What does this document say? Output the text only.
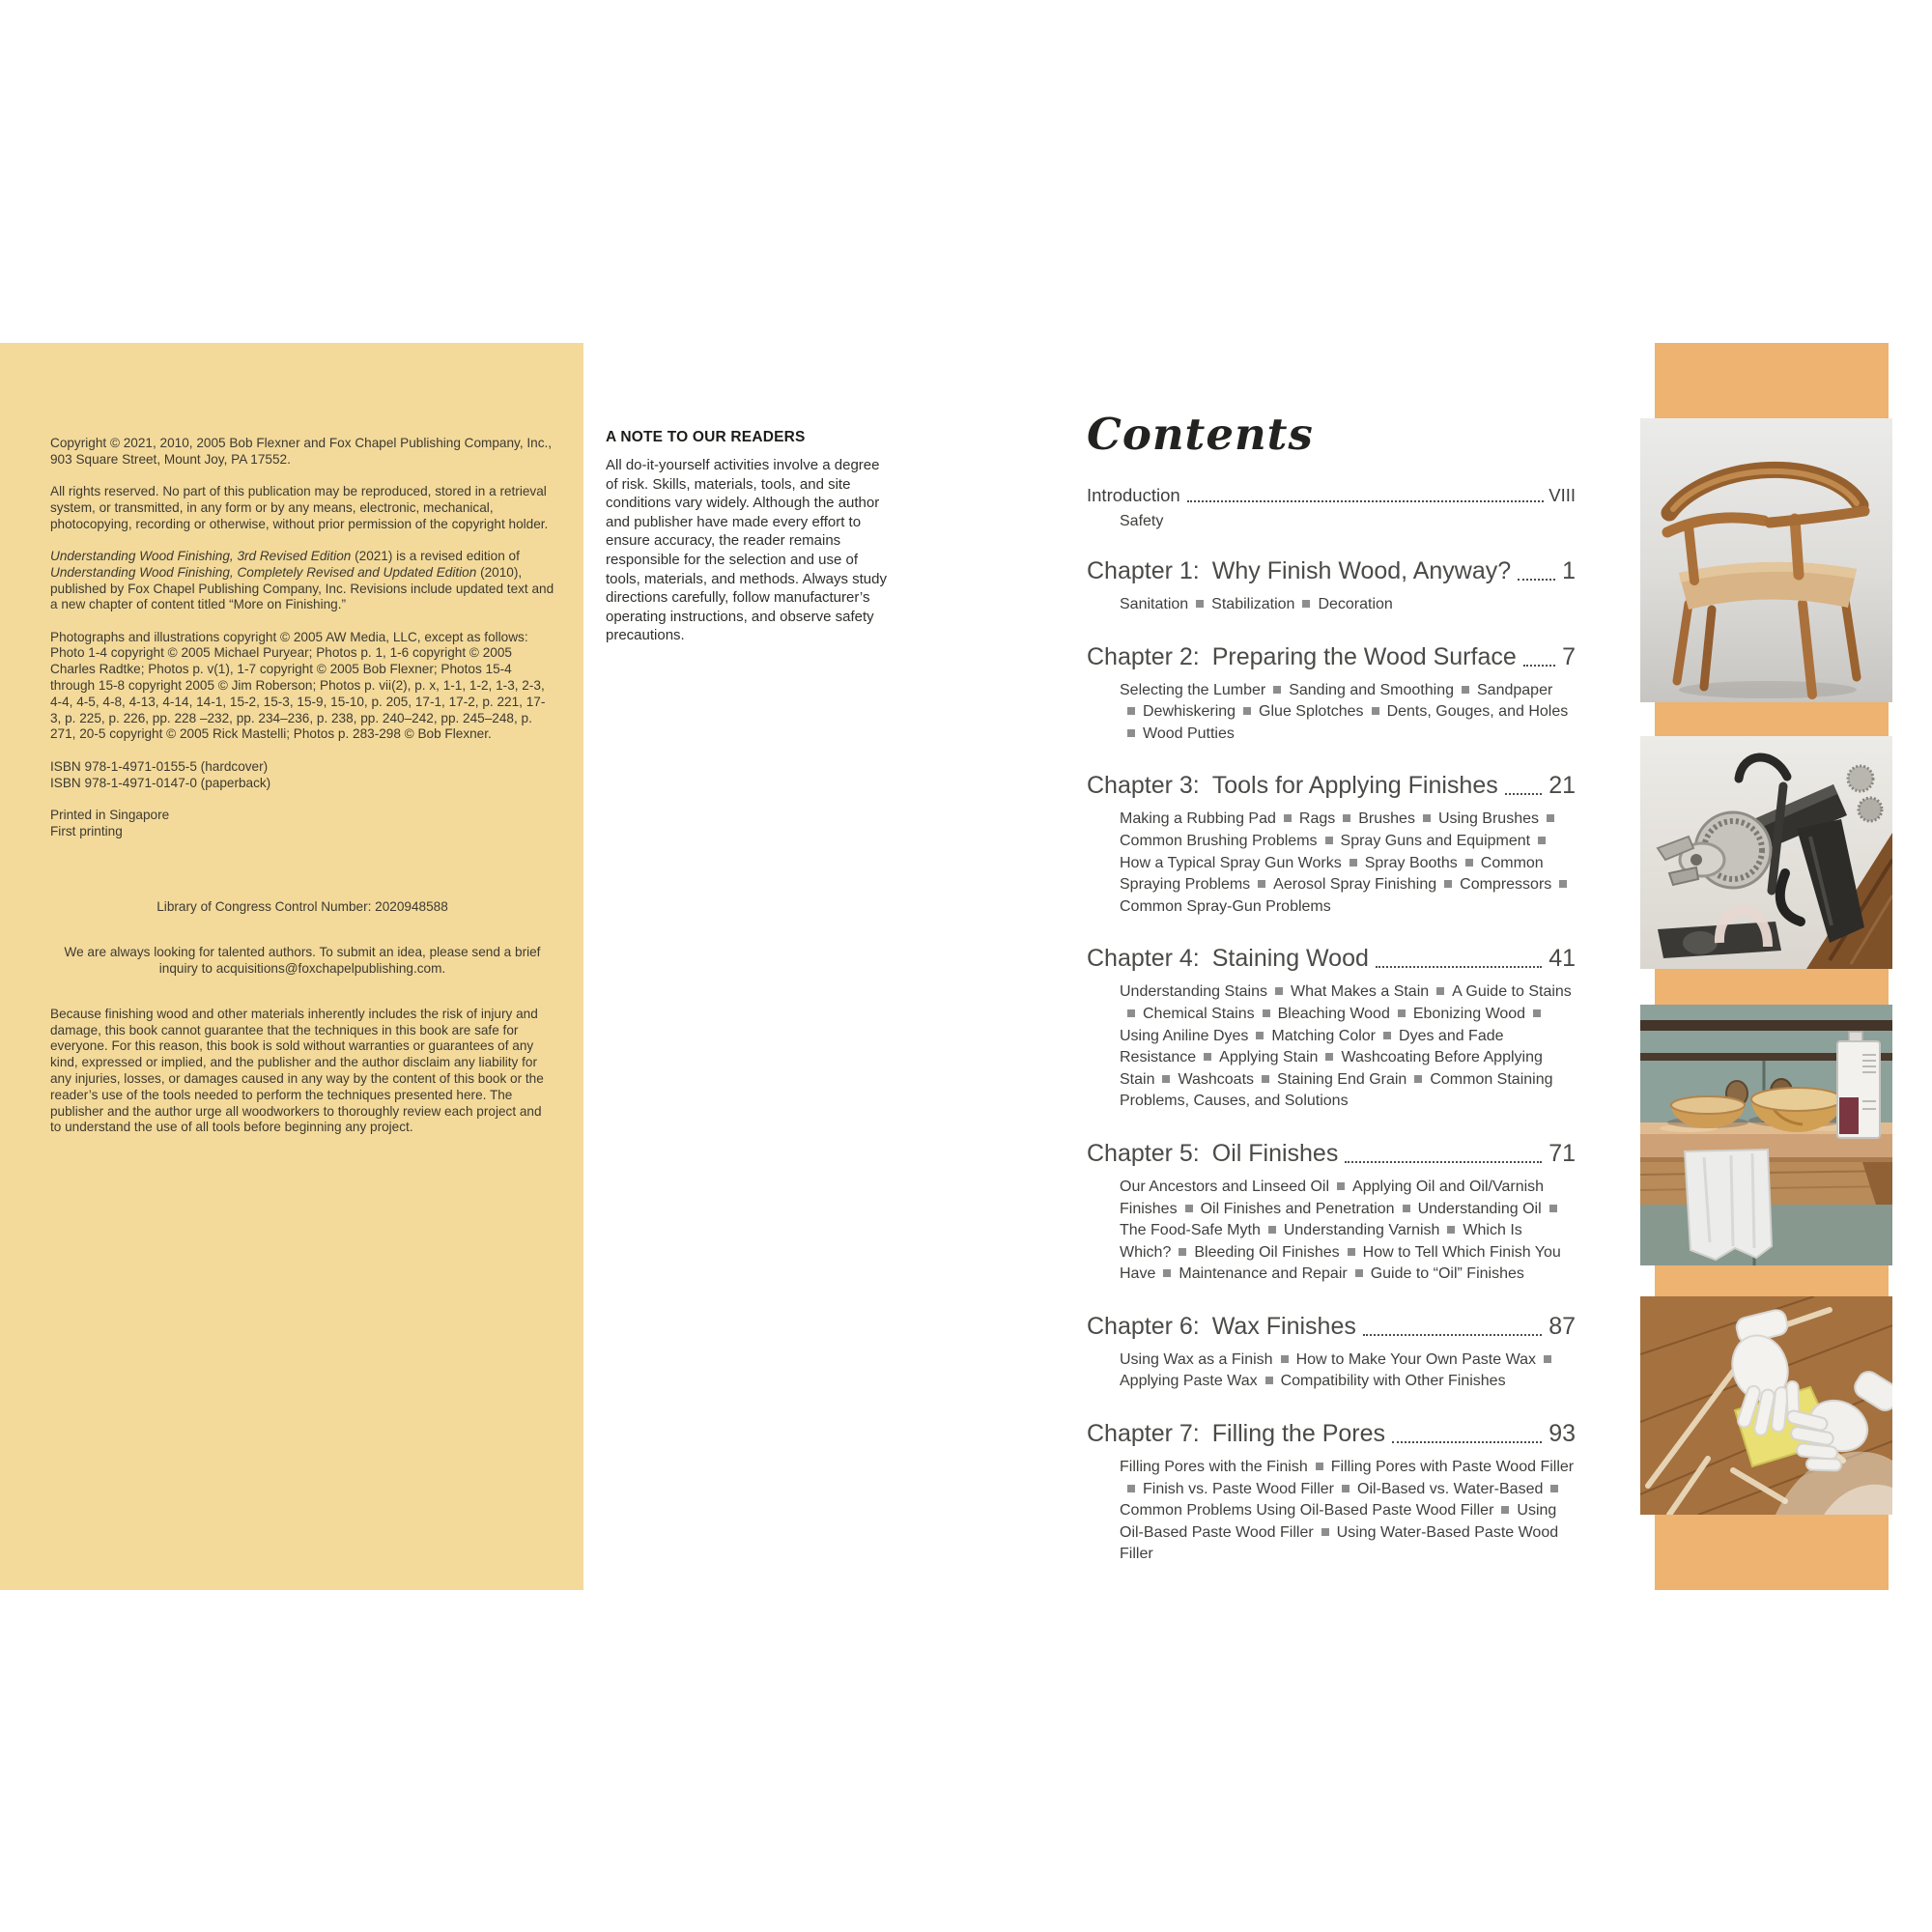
Copyright © 2021, 2010, 2005 Bob Flexner and Fox Chapel Publishing Company, Inc., 903 Square Street, Mount Joy, PA 17552.

All rights reserved. No part of this publication may be reproduced, stored in a retrieval system, or transmitted, in any form or by any means, electronic, mechanical, photocopying, recording or otherwise, without prior permission of the copyright holder.

Understanding Wood Finishing, 3rd Revised Edition (2021) is a revised edition of Understanding Wood Finishing, Completely Revised and Updated Edition (2010), published by Fox Chapel Publishing Company, Inc. Revisions include updated text and a new chapter of content titled “More on Finishing.”

Photographs and illustrations copyright © 2005 AW Media, LLC, except as follows: Photo 1-4 copyright © 2005 Michael Puryear; Photos p. 1, 1-6 copyright © 2005 Charles Radtke; Photos p. v(1), 1-7 copyright © 2005 Bob Flexner; Photos 15-4 through 15-8 copyright 2005 © Jim Roberson; Photos p. vii(2), p. x, 1-1, 1-2, 1-3, 2-3, 4-4, 4-5, 4-8, 4-13, 4-14, 14-1, 15-2, 15-3, 15-9, 15-10, p. 205, 17-1, 17-2, p. 221, 17-3, p. 225, p. 226, pp. 228 –232, pp. 234–236, p. 238, pp. 240–242, pp. 245–248, p. 271, 20-5 copyright © 2005 Rick Mastelli; Photos p. 283-298 © Bob Flexner.

ISBN 978-1-4971-0155-5 (hardcover)
ISBN 978-1-4971-0147-0 (paperback)

Printed in Singapore
First printing

Library of Congress Control Number: 2020948588

We are always looking for talented authors. To submit an idea, please send a brief inquiry to acquisitions@foxchapelpublishing.com.

Because finishing wood and other materials inherently includes the risk of injury and damage, this book cannot guarantee that the techniques in this book are safe for everyone. For this reason, this book is sold without warranties or guarantees of any kind, expressed or implied, and the publisher and the author disclaim any liability for any injuries, losses, or damages caused in any way by the content of this book or the reader’s use of the tools needed to perform the techniques presented here. The publisher and the author urge all woodworkers to thoroughly review each project and to understand the use of all tools before beginning any project.

A NOTE TO OUR READERS

All do-it-yourself activities involve a degree of risk. Skills, materials, tools, and site conditions vary widely. Although the author and publisher have made every effort to ensure accuracy, the reader remains responsible for the selection and use of tools, materials, and methods. Always study directions carefully, follow manufacturer’s operating instructions, and observe safety precautions.

Contents
Introduction	VIII
Safety
Chapter 1: Why Finish Wood, Anyway? 1
Sanitation Stabilization Decoration
Chapter 2: Preparing the Wood Surface 7
Selecting the Lumber Sanding and Smoothing SandpaperDewhiskering Glue Splotches Dents, Gouges, and HolesWood Putties
Chapter 3: Tools for Applying Finishes 21
Making a Rubbing Pad Rags Brushes Using BrushesCommon Brushing Problems Spray Guns and EquipmentHow a Typical Spray Gun Works Spray Booths Common Spraying Problems Aerosol Spray Finishing CompressorsCommon Spray-Gun Problems
Chapter 4: Staining Wood	41
Understanding Stains What Makes a Stain A Guide to StainsChemical Stains Bleaching Wood Ebonizing WoodUsing Aniline Dyes Matching Color Dyes and Fade Resistance Applying Stain Washcoating Before Applying Stain Washcoats Staining End Grain Common Staining Problems, Causes, and Solutions
Chapter 5: Oil Finishes	71
Our Ancestors and Linseed Oil Applying Oil and Oil/Varnish Finishes Oil Finishes and Penetration Understanding OilThe Food-Safe Myth Understanding Varnish Which Is Which? Bleeding Oil Finishes How to Tell Which Finish You Have Maintenance and Repair Guide to “Oil” Finishes
Chapter 6: Wax Finishes	87
Using Wax as a Finish How to Make Your Own Paste WaxApplying Paste Wax Compatibility with Other Finishes
Chapter 7: Filling the Pores	93
Filling Pores with the Finish Filling Pores with Paste Wood FillerFinish vs. Paste Wood Filler Oil-Based vs. Water-BasedCommon Problems Using Oil-Based Paste Wood Filler Using Oil-Based Paste Wood Filler Using Water-Based Paste Wood Filler
